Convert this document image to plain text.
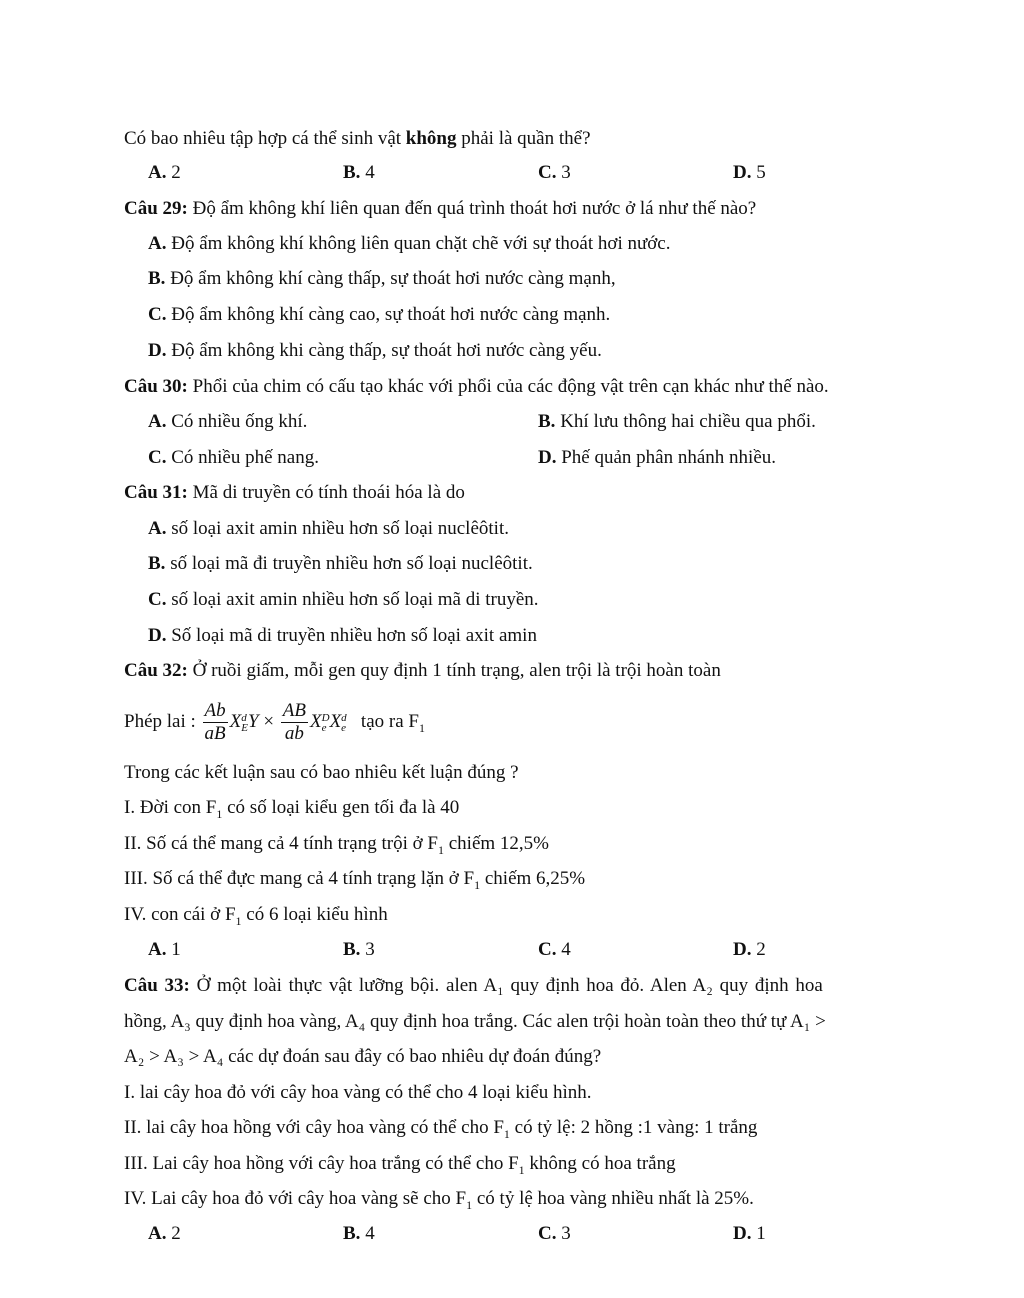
Có bao nhiêu tập hợp cá thể sinh vật không phải là quần thể?
A. 2	B. 4	C. 3	D. 5
Câu 29: Độ ẩm không khí liên quan đến quá trình thoát hơi nước ở lá như thế nào?
A. Độ ẩm không khí không liên quan chặt chẽ với sự thoát hơi nước.
B. Độ ẩm không khí càng thấp, sự thoát hơi nước càng mạnh,
C. Độ ẩm không khí càng cao, sự thoát hơi nước càng mạnh.
D. Độ ẩm không khi càng thấp, sự thoát hơi nước càng yếu.
Câu 30: Phổi của chim có cấu tạo khác với phổi của các động vật trên cạn khác như thế nào.
A. Có nhiều ống khí.	B. Khí lưu thông hai chiều qua phổi.
C. Có nhiều phế nang.	D. Phế quản phân nhánh nhiều.
Câu 31: Mã di truyền có tính thoái hóa là do
A. số loại axit amin nhiều hơn số loại nuclêôtit.
B. số loại mã đi truyền nhiều hơn số loại nuclêôtit.
C. số loại axit amin nhiều hơn số loại mã di truyền.
D. Số loại mã di truyền nhiều hơn số loại axit amin
Câu 32: Ở ruồi giấm, mỗi gen quy định 1 tính trạng, alen trội là trội hoàn toàn
Phép lai : $\frac{Ab}{aB}$ X d
E $Y \times \frac{AB}{ab}$ X D
e X d
e tạo ra $F_1$
Trong các kết luận sau có bao nhiêu kết luận đúng ?
I. Đời con $F_1$ có số loại kiểu gen tối đa là 40
II. Số cá thể mang cả 4 tính trạng trội ở $F_1$ chiếm 12,5%
III. Số cá thể đực mang cả 4 tính trạng lặn ở $F_1$ chiếm 6,25%
IV. con cái ở $F_1$ có 6 loại kiểu hình
A. 1	B. 3	C. 4	D. 2
Câu 33: Ở một loài thực vật lưỡng bội. alen A₁ quy định hoa đỏ. Alen A₂ quy định hoa
hồng, A₃ quy định hoa vàng, A₄ quy định hoa trắng. Các alen trội hoàn toàn theo thứ tự A₁ >
A₂ > A₃ > A₄ các dự đoán sau đây có bao nhiêu dự đoán đúng?
I. lai cây hoa đỏ với cây hoa vàng có thể cho 4 loại kiểu hình.
II. lai cây hoa hồng với cây hoa vàng có thể cho $F_1$ có tỷ lệ: 2 hồng :1 vàng: 1 trắng
III. Lai cây hoa hồng với cây hoa trắng có thể cho $F_1$ không có hoa trắng
IV. Lai cây hoa đỏ với cây hoa vàng sẽ cho $F_1$ có tỷ lệ hoa vàng nhiều nhất là 25%.
A. 2	B. 4	C. 3	D. 1
